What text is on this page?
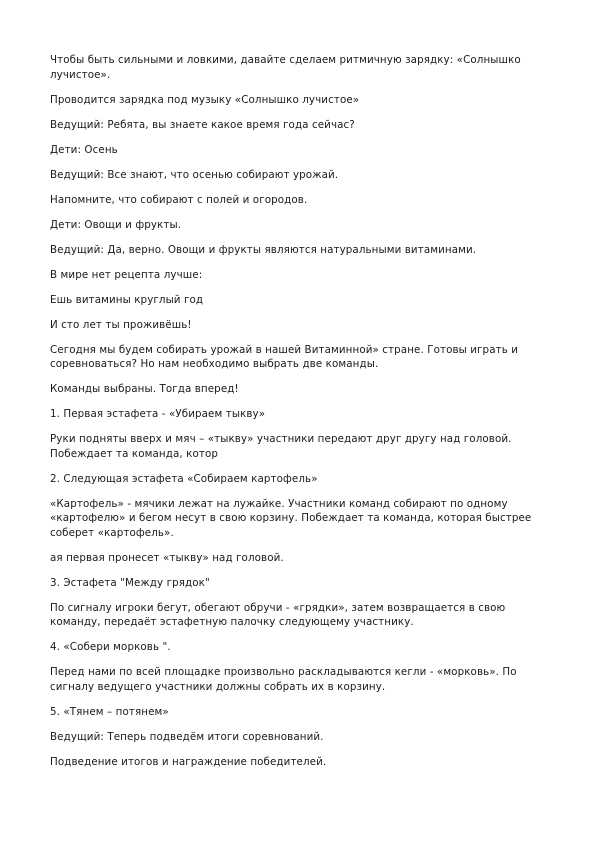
Чтобы быть сильными и ловкими, давайте сделаем ритмичную зарядку: «Солнышко лучистое».

Проводится зарядка под музыку «Солнышко лучистое»

Ведущий: Ребята, вы знаете какое время года сейчас?

Дети: Осень

Ведущий: Все знают, что осенью собирают урожай.

Напомните, что собирают с полей и огородов.

Дети: Овощи и фрукты.

Ведущий: Да, верно. Овощи и фрукты являются натуральными витаминами.

В мире нет рецепта лучше:

Ешь витамины круглый год

И сто лет ты проживёшь!

Сегодня мы будем собирать урожай в нашей Витаминной» стране. Готовы играть и соревноваться? Но нам необходимо выбрать две команды.

Команды выбраны. Тогда вперед!

1. Первая эстафета - «Убираем тыкву»

Руки подняты вверх и мяч – «тыкву» участники передают друг другу над головой. Побеждает та команда, котор

2. Следующая эстафета «Собираем картофель»

«Картофель» - мячики лежат на лужайке. Участники команд собирают по одному «картофелю» и бегом несут в свою корзину. Побеждает та команда, которая быстрее соберет «картофель».

ая первая пронесет «тыкву» над головой.

3. Эстафета "Между грядок"

По сигналу игроки бегут, обегают обручи - «грядки», затем возвращается в свою команду, передаёт эстафетную палочку следующему участнику.

4. «Собери морковь ".

Перед нами по всей площадке произвольно раскладываются кегли - «морковь». По сигналу ведущего участники должны собрать их в корзину.

5. «Тянем – потянем»

Ведущий: Теперь подведём итоги соревнований.

Подведение итогов и награждение победителей.
